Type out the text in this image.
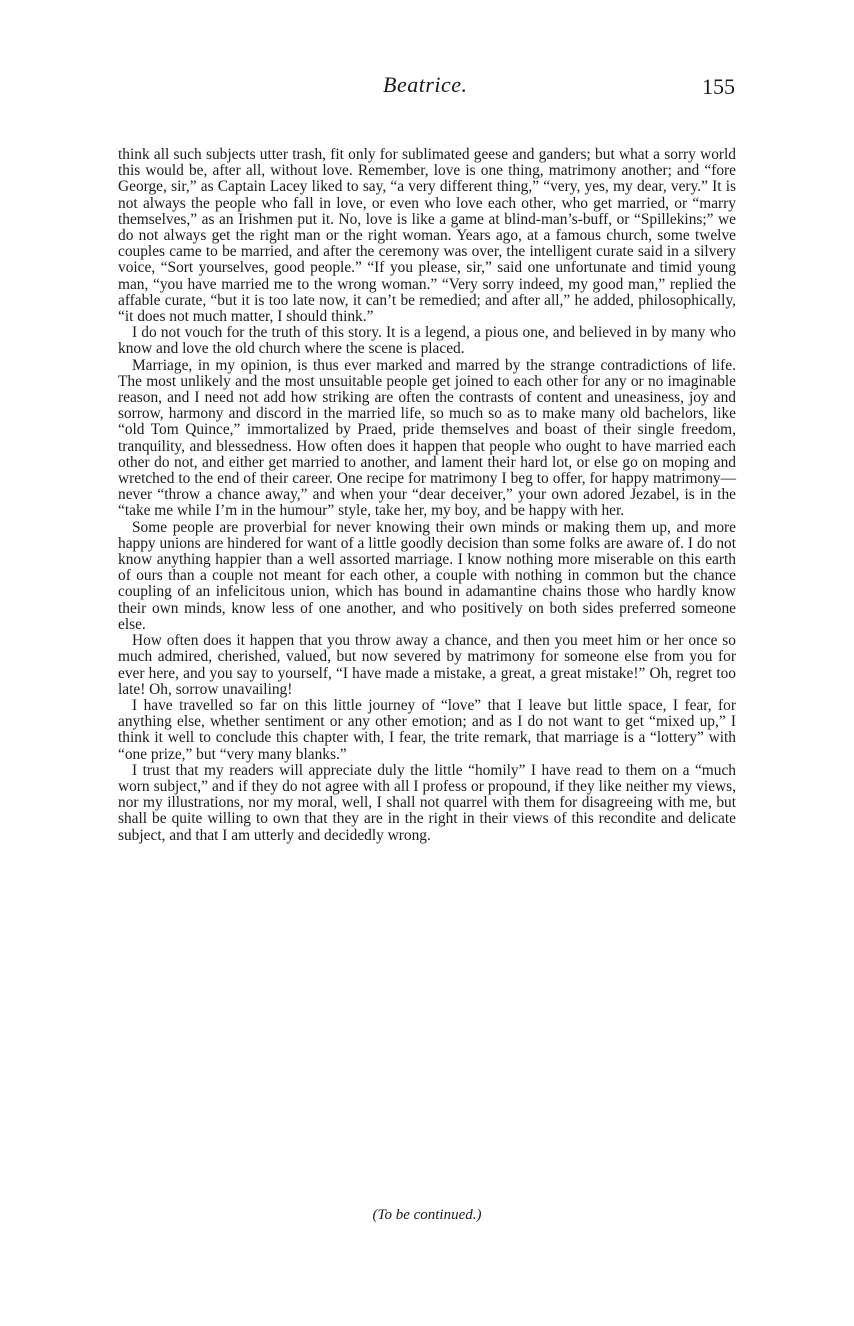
Beatrice.	155

think all such subjects utter trash, fit only for sublimated geese and ganders; but what a sorry world this would be, after all, without love. Remember, love is one thing, matrimony another; and “fore George, sir,” as Captain Lacey liked to say, “a very different thing,” “very, yes, my dear, very.” It is not always the people who fall in love, or even who love each other, who get married, or “marry themselves,” as an Irishmen put it. No, love is like a game at blind-man’s-buff, or “Spillekins;” we do not always get the right man or the right woman. Years ago, at a famous church, some twelve couples came to be married, and after the ceremony was over, the intelligent curate said in a silvery voice, “Sort yourselves, good people.” “If you please, sir,” said one unfortunate and timid young man, “you have married me to the wrong woman.” “Very sorry indeed, my good man,” replied the affable curate, “but it is too late now, it can’t be remedied; and after all,” he added, philosophically, “it does not much matter, I should think.”

I do not vouch for the truth of this story. It is a legend, a pious one, and believed in by many who know and love the old church where the scene is placed.

Marriage, in my opinion, is thus ever marked and marred by the strange contradictions of life. The most unlikely and the most unsuitable people get joined to each other for any or no imaginable reason, and I need not add how striking are often the contrasts of content and uneasiness, joy and sorrow, harmony and discord in the married life, so much so as to make many old bachelors, like “old Tom Quince,” immortalized by Praed, pride themselves and boast of their single freedom, tranquility, and blessedness. How often does it happen that people who ought to have married each other do not, and either get married to another, and lament their hard lot, or else go on moping and wretched to the end of their career. One recipe for matrimony I beg to offer, for happy matrimony—never “throw a chance away,” and when your “dear deceiver,” your own adored Jezabel, is in the “take me while I’m in the humour” style, take her, my boy, and be happy with her.

Some people are proverbial for never knowing their own minds or making them up, and more happy unions are hindered for want of a little goodly decision than some folks are aware of. I do not know anything happier than a well assorted marriage. I know nothing more miserable on this earth of ours than a couple not meant for each other, a couple with nothing in common but the chance coupling of an infelicitous union, which has bound in adamantine chains those who hardly know their own minds, know less of one another, and who positively on both sides preferred someone else.

How often does it happen that you throw away a chance, and then you meet him or her once so much admired, cherished, valued, but now severed by matrimony for someone else from you for ever here, and you say to yourself, “I have made a mistake, a great, a great mistake!” Oh, regret too late! Oh, sorrow unavailing!

I have travelled so far on this little journey of “love” that I leave but little space, I fear, for anything else, whether sentiment or any other emotion; and as I do not want to get “mixed up,” I think it well to conclude this chapter with, I fear, the trite remark, that marriage is a “lottery” with “one prize,” but “very many blanks.”

I trust that my readers will appreciate duly the little “homily” I have read to them on a “much worn subject,” and if they do not agree with all I profess or propound, if they like neither my views, nor my illustrations, nor my moral, well, I shall not quarrel with them for disagreeing with me, but shall be quite willing to own that they are in the right in their views of this recondite and delicate subject, and that I am utterly and decidedly wrong.

(To be continued.)
